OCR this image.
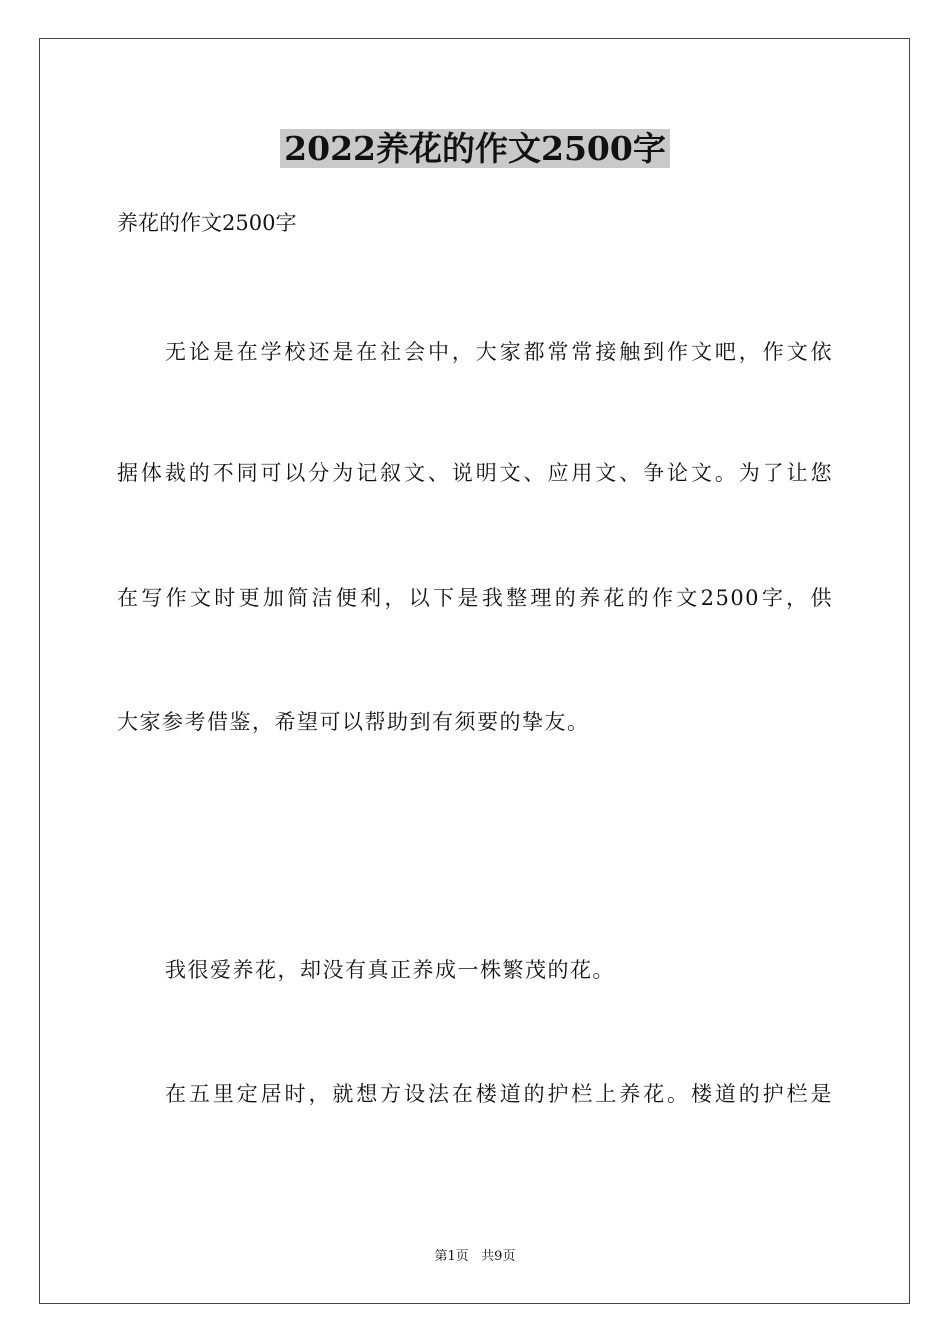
2022养花的作文2500字
养花的作文2500字
无论是在学校还是在社会中，大家都常常接触到作文吧，作文依
据体裁的不同可以分为记叙文、说明文、应用文、争论文。为了让您
在写作文时更加简洁便利，以下是我整理的养花的作文2500字，供
大家参考借鉴，希望可以帮助到有须要的挚友。
我很爱养花，却没有真正养成一株繁茂的花。
在五里定居时，就想方设法在楼道的护栏上养花。楼道的护栏是
第1页   共9页
